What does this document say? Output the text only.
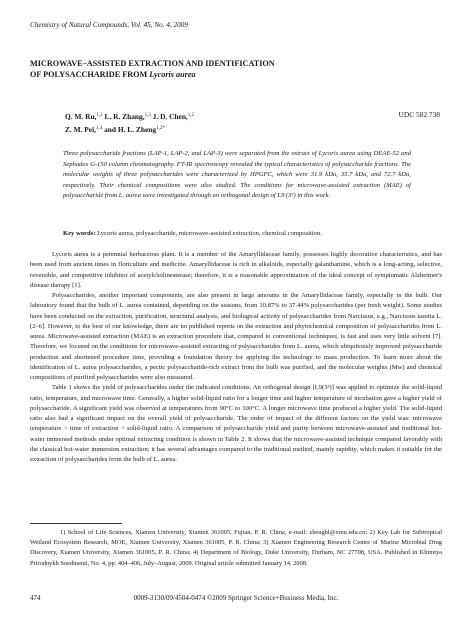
Chemistry of Natural Compounds, Vol. 45, No. 4, 2009
MICROWAVE–ASSISTED EXTRACTION AND IDENTIFICATION
OF POLYSACCHARIDE FROM Lycoris aurea
Q. M. Ru,$^{1,2}$ L. R. Zhang,$^{1,3}$ J. D. Chen,$^{1,2}$
Z. M. Pei,$^{1,4}$ and H. L. Zheng$^{1,2*}$
UDC 582.738
Three polysaccharide fractions (LAP-1, LAP-2, and LAP-3) were separated from the extract of Lycoris aurea using DEAE-52 and Sephadex G-150 column chromatography. FT-IR spectroscopy revealed the typical characteristics of polysaccharide fractions. The molecular weights of three polysaccharides were characterized by HPGFC, which were 31.9 kDa, 35.7 kDa, and 72.7 kDa, respectively. Their chemical compositions were also studied. The conditions for microwave-assisted extraction (MAE) of polysaccharide from L. aurea were investigated through an orthogonal design of L9 (3³) in this work.
Key words: Lycoris aurea, polysaccharide, microwave-assisted extraction, chemical composition.

Lycoris aurea is a perennial herbaceous plant. It is a member of the Amaryllidaceae family, possesses highly decorative characteristics, and has been used from ancient times in floriculture and medicine. Amaryllidaceae is rich in alkaloids, especially galanthamine, which is a long-acting, selective, reversible, and competitive inhibitor of acetylcholinesterase; therefore, it is a reasonable approximation of the ideal concept of symptomatic Alzheimer's disease therapy [1].

Polysaccharides, another important components, are also present in large amounts in the Amaryllidaceae family, especially in the bulb. Our laboratory found that the bulb of L. aurea contained, depending on the seasons, from 10.87% to 37.44% polysaccharides (per fresh weight). Some studies have been conducted on the extraction, purification, structural analysis, and biological activity of polysaccharides from Narcissus, e.g., Narcissus tazetta L. [2–6]. However, to the best of our knowledge, there are no published reports on the extraction and phytochemical composition of polysaccharides from L. aurea. Microwave-assisted extraction (MAE) is an extraction procedure that, compared to conventional techniques, is fast and uses very little solvent [7]. Therefore, we focused on the conditions for microwave-assisted extracting of polysaccharides from L. aurea, which ubiquitously improved polysaccharide production and shortened procedure time, providing a foundation theory for applying the technology to mass production. To learn more about the identification of L. aurea polysaccharides, a pectic polysaccharide-rich extract from the bulb was purified, and the molecular weights (Mw) and chemical compositions of purified polysaccharides were also measured.

Table 1 shows the yield of polysaccharides under the indicated conditions. An orthogonal design [L9(3³)] was applied to optimize the solid-liquid ratio, temperature, and microwave time. Generally, a higher solid-liquid ratio for a longer time and higher temperature of incubation gave a higher yield of polysaccharide. A significant yield was observed at temperatures from 90°C to 100°C. A longer microwave time produced a higher yield. The solid-liquid ratio also had a significant impact on the overall yield of polysaccharide. The order of impact of the different factors on the yield was: microwave temperature > time of extraction > solid-liquid ratio. A comparison of polysaccharide yield and purity between microwave-assisted and traditional hot-water immersed methods under optimal extracting condition is shown in Table 2. It shows that the microwave-assisted technique compared favorably with the classical hot-water immersion extraction; it has several advantages compared to the traditional method, mainly rapidity, which makes it suitable for the extraction of polysaccharides from the bulb of L. aurea.

1) School of Life Sciences, Xiamen University, Xiamen 361005, Fujian, P. R. China, e-mail: zhenghl@xmu.edu.cn; 2) Key Lab for Subtropical Wetland Ecosystem Research, MOE, Xiamen University, Xiamen 361005, P. R. China; 3) Xiamen Engineering Research Centre of Marine Microbial Drug Discovery, Xiamen University, Xiamen 361005, P. R. China; 4) Department of Biology, Duke University, Durham, NC 27708, USA. Published in Khimiya Prirodnykh Soedinenii, No. 4, pp. 404–406, July–August, 2009. Original article submitted January 14, 2008.

474	0009-3130/09/4504-0474 ©2009 Springer Science+Business Media, Inc.
